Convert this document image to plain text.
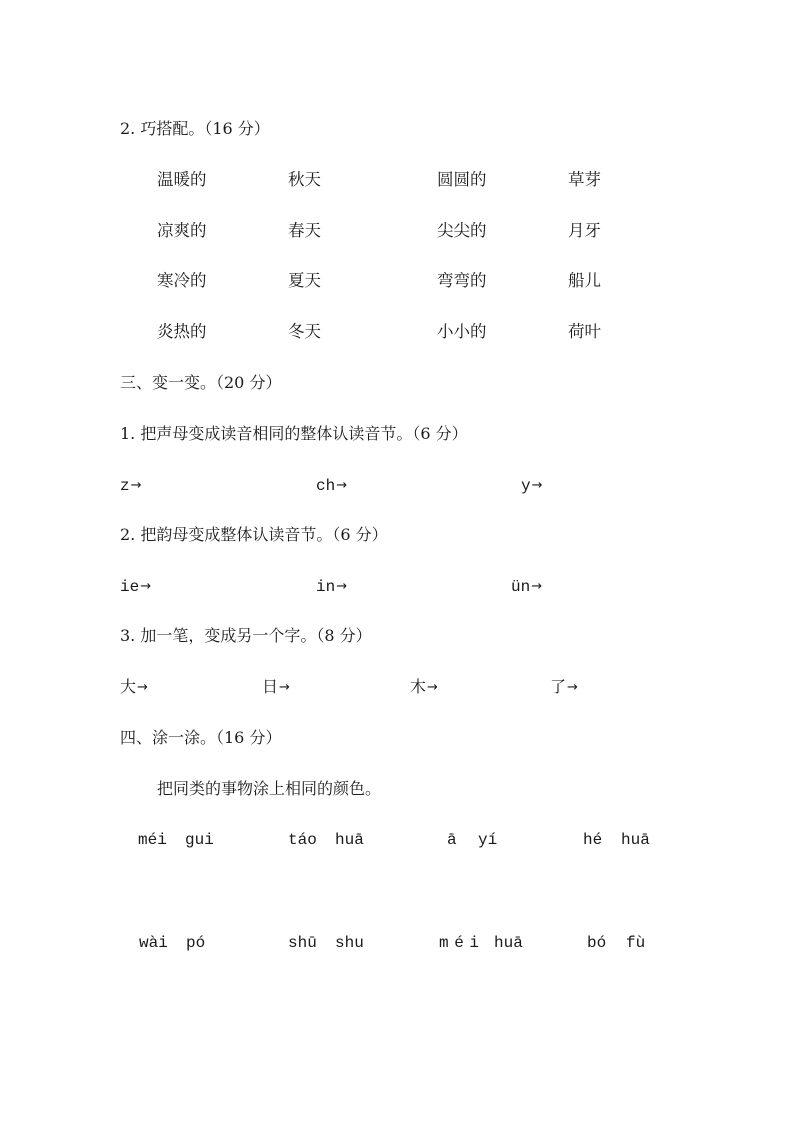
2. 巧搭配。（16 分）
温暖的	秋天	圆圆的	草芽
凉爽的	春天	尖尖的	月牙
寒冷的	夏天	弯弯的	船儿
炎热的	冬天	小小的	荷叶
三、变一变。（20 分）
1. 把声母变成读音相同的整体认读音节。（6 分）
z→	ch→	y→
2. 把韵母变成整体认读音节。（6 分）
ie→	in→	ün→
3. 加一笔，变成另一个字。（8 分）
大→	日→	木→	了→
四、涂一涂。（16 分）
把同类的事物涂上相同的颜色。
méi gui	táo huā	ā yí	hé huā
wài pó	shū shu	m é i huā	bó fù
